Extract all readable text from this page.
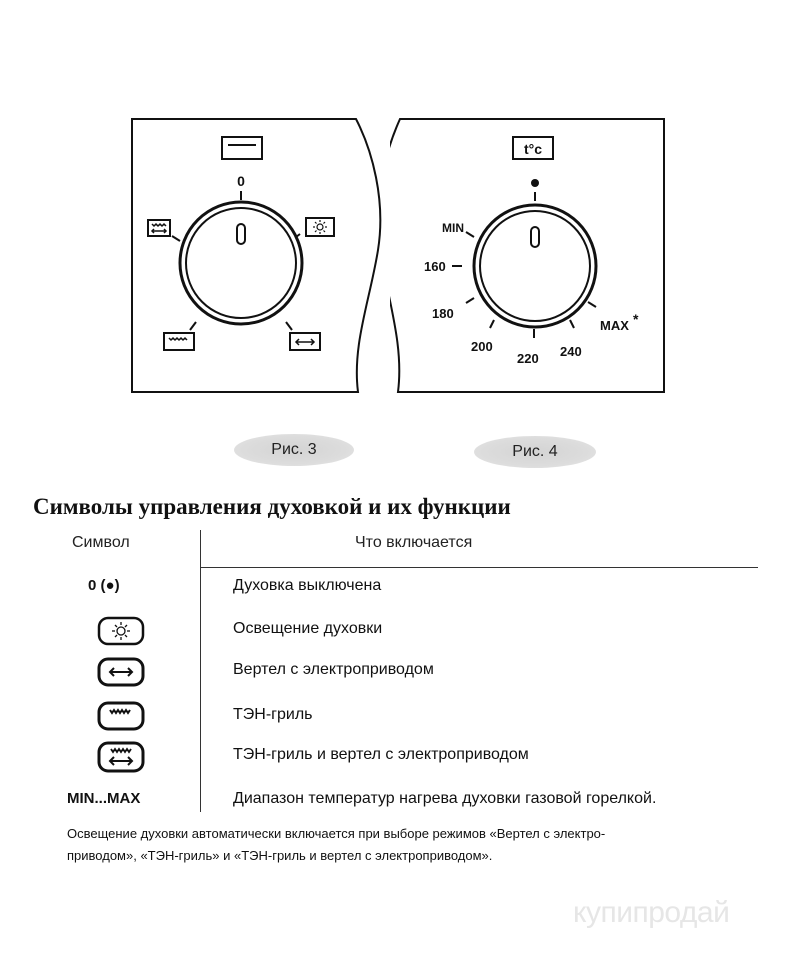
0
t°c
MIN
160
180
200
220 240
MAX *
Рис. 3	Рис. 4
Символы управления духовкой и их функции
Символ	Что включается
0 (●)	Духовка выключена
Освещение духовки
Вертел с электроприводом
ТЭН-гриль
ТЭН-гриль и вертел с электроприводом
MIN...MAX	Диапазон температур нагрева духовки газовой горелкой.
Освещение духовки автоматически включается при выборе режимов «Вертел с электро-
приводом», «ТЭН-гриль» и «ТЭН-гриль и вертел с электроприводом».
купипродай
